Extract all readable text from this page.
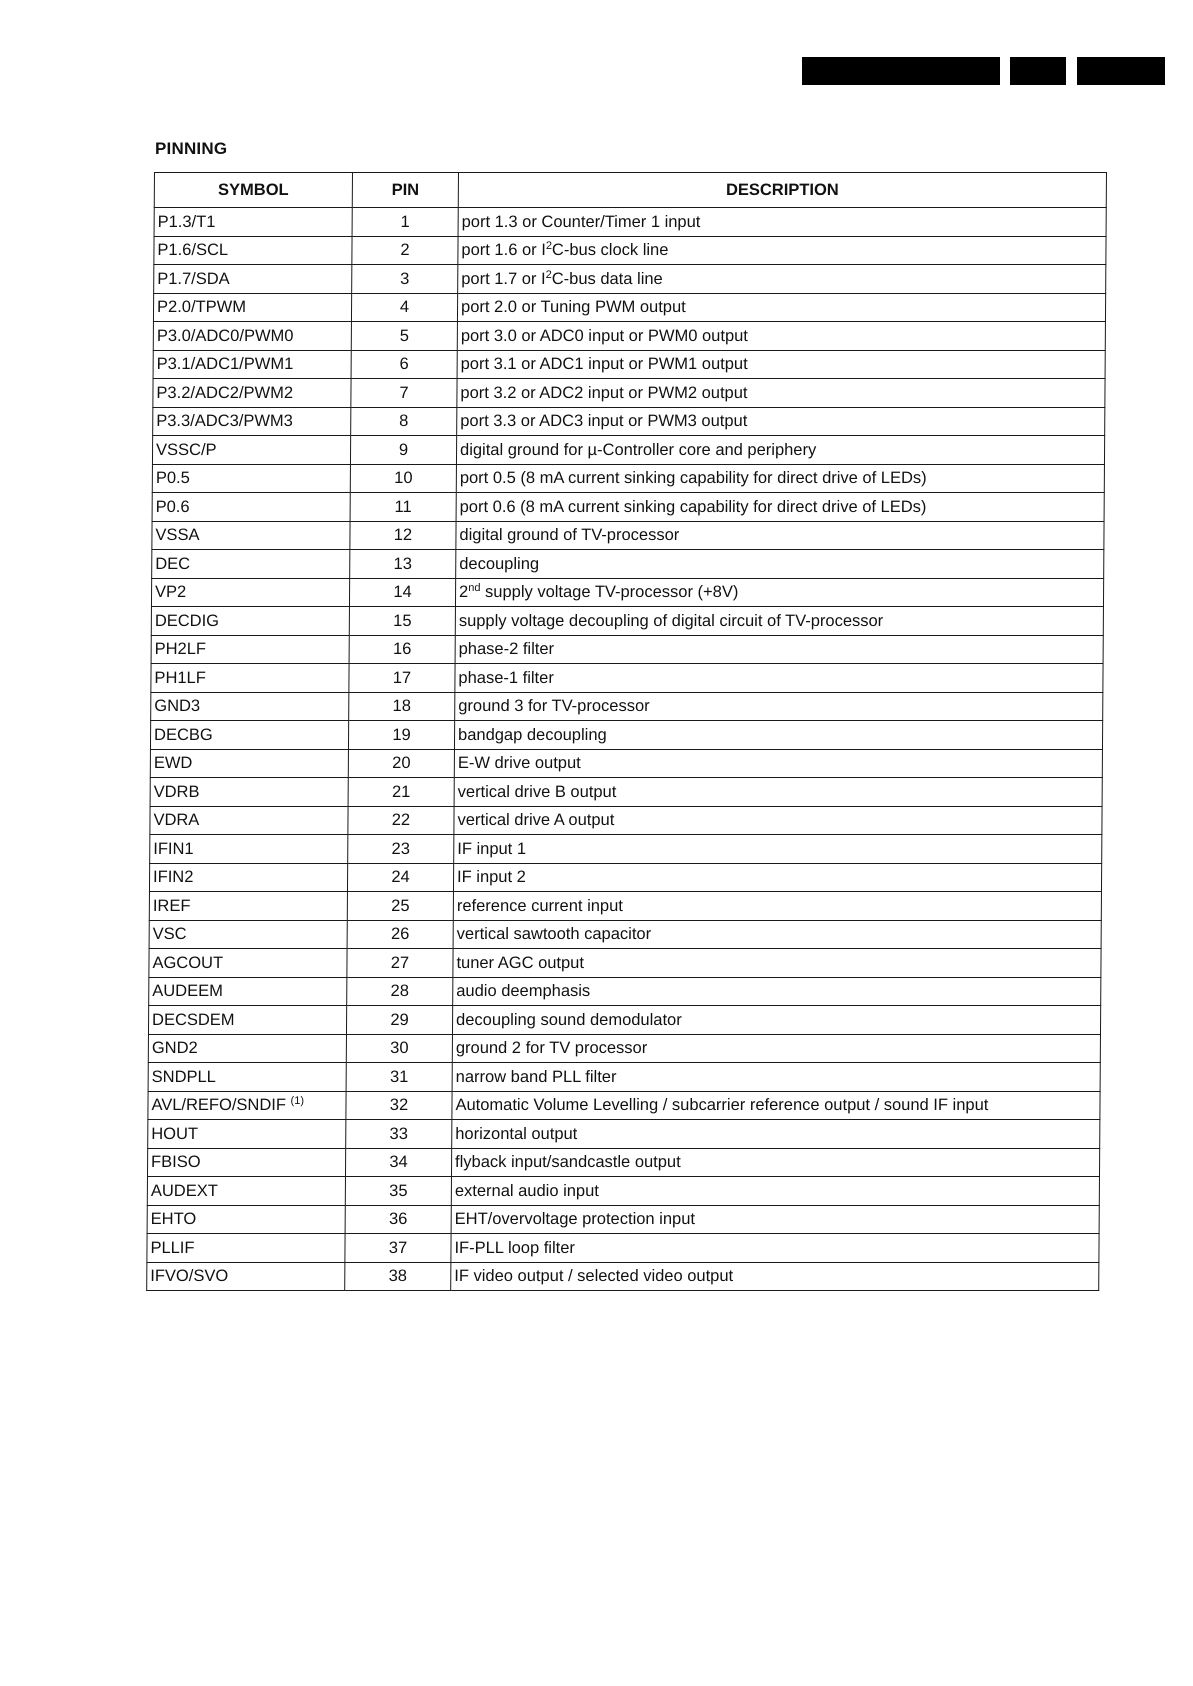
PINNING
SYMBOL	PIN	DESCRIPTION
P1.3/T1	1	port 1.3 or Counter/Timer 1 input
P1.6/SCL	2	port 1.6 or $I^2C$-bus clock line
P1.7/SDA	3	port 1.7 or $I^2C$-bus data line
P2.0/TPWM	4	port 2.0 or Tuning PWM output
P3.0/ADC0/PWM0	5	port 3.0 or ADC0 input or PWM0 output
P3.1/ADC1/PWM1	6	port 3.1 or ADC1 input or PWM1 output
P3.2/ADC2/PWM2	7	port 3.2 or ADC2 input or PWM2 output
P3.3/ADC3/PWM3	8	port 3.3 or ADC3 input or PWM3 output
VSSC/P	9	digital ground for µ-Controller core and periphery
P0.5	10	port 0.5 (8 mA current sinking capability for direct drive of LEDs)
P0.6	11	port 0.6 (8 mA current sinking capability for direct drive of LEDs)
VSSA	12	digital ground of TV-processor
DEC	13	decoupling
VP2	14	2nd supply voltage TV-processor (+8V)
DECDIG	15	supply voltage decoupling of digital circuit of TV-processor
PH2LF	16	phase-2 filter
PH1LF	17	phase-1 filter
GND3	18	ground 3 for TV-processor
DECBG	19	bandgap decoupling
EWD	20	E-W drive output
VDRB	21	vertical drive B output
VDRA	22	vertical drive A output
IFIN1	23	IF input 1
IFIN2	24	IF input 2
IREF	25	reference current input
VSC	26	vertical sawtooth capacitor
AGCOUT	27	tuner AGC output
AUDEEM	28	audio deemphasis
DECSDEM	29	decoupling sound demodulator
GND2	30	ground 2 for TV processor
SNDPLL	31	narrow band PLL filter
AVL/REFO/SNDIF $^{(1)}$	32	Automatic Volume Levelling / subcarrier reference output / sound IF input
HOUT	33	horizontal output
FBISO	34	flyback input/sandcastle output
AUDEXT	35	external audio input
EHTO	36	EHT/overvoltage protection input
PLLIF	37	IF-PLL loop filter
IFVO/SVO	38	IF video output / selected video output
